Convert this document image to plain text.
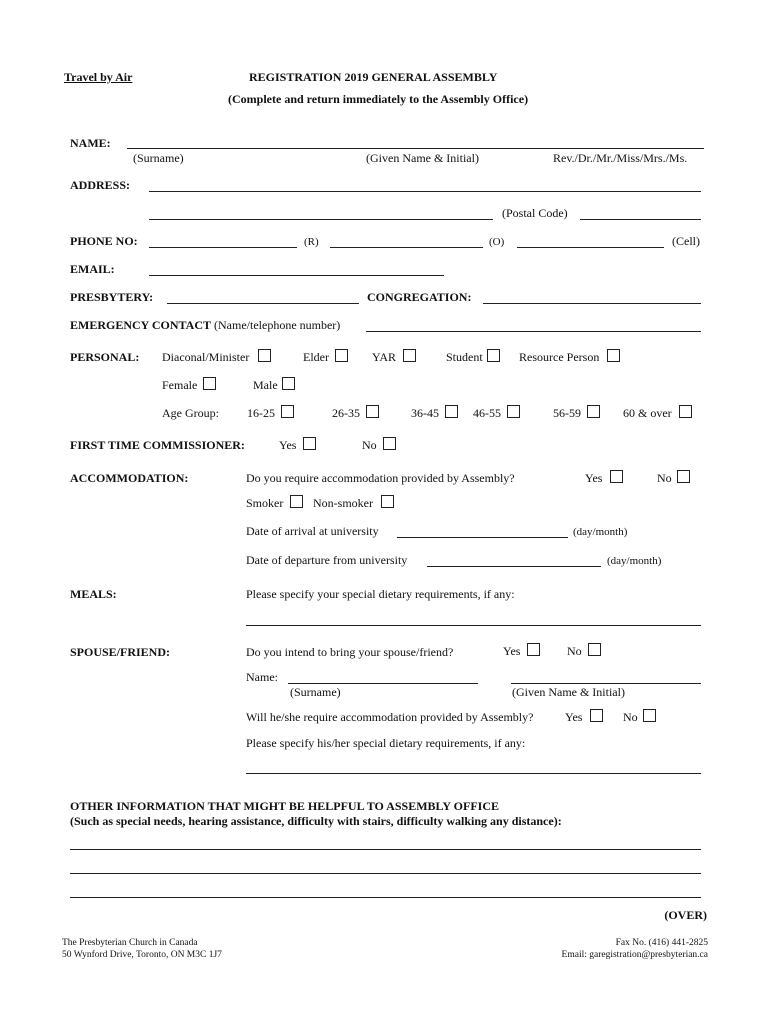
Travel by Air	REGISTRATION 2019 GENERAL ASSEMBLY
(Complete and return immediately to the Assembly Office)
NAME:
(Surname)	(Given Name & Initial)	Rev./Dr./Mr./Miss/Mrs./Ms.
ADDRESS:
(Postal Code)
PHONE NO:	(R)	(O)	(Cell)
EMAIL:
PRESBYTERY:	CONGREGATION:
EMERGENCY CONTACT (Name/telephone number)
PERSONAL: Diaconal/Minister	Elder	YAR	Student	Resource Person
Female	Male
Age Group: 16-25	26-35	36-45	46-55	56-59	60 & over
FIRST TIME COMMISSIONER:	Yes	No
ACCOMMODATION:	Do you require accommodation provided by Assembly?	Yes	No
Smoker Non-smoker
Date of arrival at university	(day/month)
Date of departure from university	(day/month)
MEALS:	Please specify your special dietary requirements, if any:
SPOUSE/FRIEND:	Do you intend to bring your spouse/friend?	Yes	No
Name:
(Surname)	(Given Name & Initial)
Will he/she require accommodation provided by Assembly?	Yes	No
Please specify his/her special dietary requirements, if any:
OTHER INFORMATION THAT MIGHT BE HELPFUL TO ASSEMBLY OFFICE
(Such as special needs, hearing assistance, difficulty with stairs, difficulty walking any distance):
(OVER)
The Presbyterian Church in Canada
50 Wynford Drive, Toronto, ON M3C 1J7
Fax No. (416) 441-2825
Email: garegistration@presbyterian.ca
